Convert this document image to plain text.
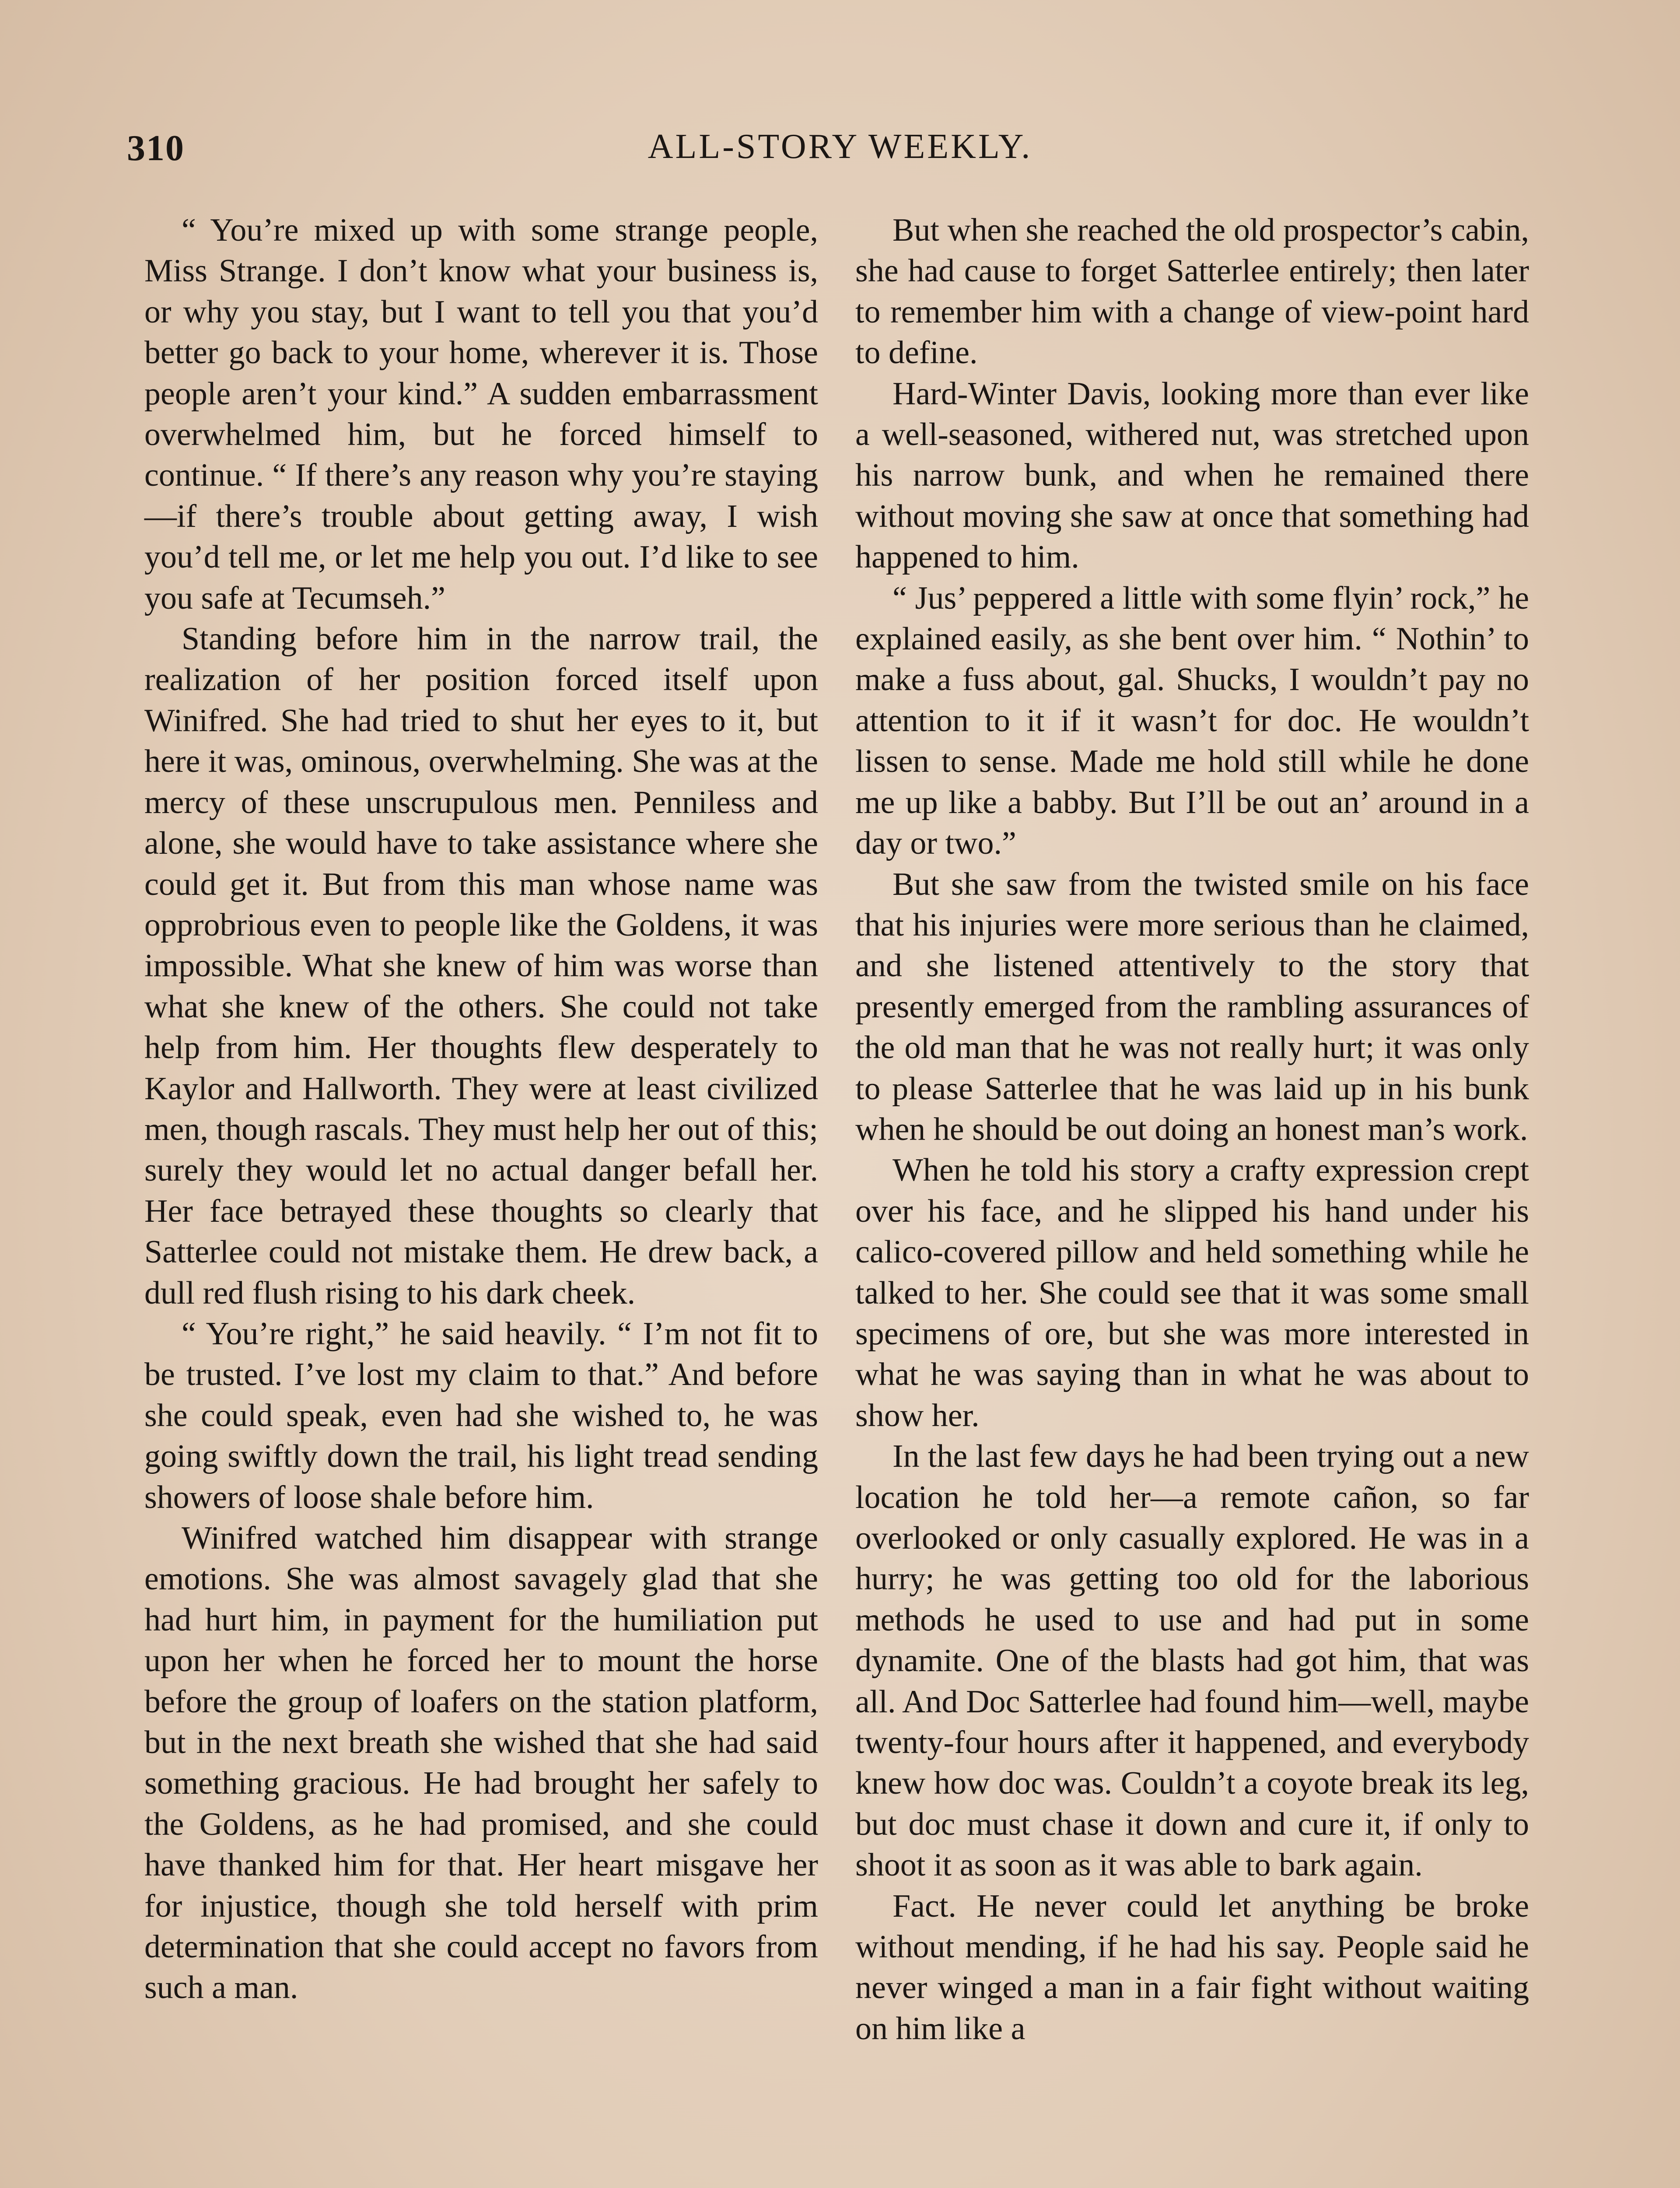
310	ALL-STORY WEEKLY.

“ You’re mixed up with some strange people, Miss Strange. I don’t know what your business is, or why you stay, but I want to tell you that you’d better go back to your home, wherever it is. Those people aren’t your kind.” A sudden embarrassment overwhelmed him, but he forced himself to continue. “ If there’s any reason why you’re staying—if there’s trouble about getting away, I wish you’d tell me, or let me help you out. I’d like to see you safe at Tecumseh.”

Standing before him in the narrow trail, the realization of her position forced itself upon Winifred. She had tried to shut her eyes to it, but here it was, ominous, overwhelming. She was at the mercy of these unscrupulous men. Penniless and alone, she would have to take assistance where she could get it. But from this man whose name was opprobrious even to people like the Goldens, it was impossible. What she knew of him was worse than what she knew of the others. She could not take help from him. Her thoughts flew desperately to Kaylor and Hallworth. They were at least civilized men, though rascals. They must help her out of this; surely they would let no actual danger befall her. Her face betrayed these thoughts so clearly that Satterlee could not mistake them. He drew back, a dull red flush rising to his dark cheek.

“ You’re right,” he said heavily. “ I’m not fit to be trusted. I’ve lost my claim to that.” And before she could speak, even had she wished to, he was going swiftly down the trail, his light tread sending showers of loose shale before him.

Winifred watched him disappear with strange emotions. She was almost savagely glad that she had hurt him, in payment for the humiliation put upon her when he forced her to mount the horse before the group of loafers on the station platform, but in the next breath she wished that she had said something gracious. He had brought her safely to the Goldens, as he had promised, and she could have thanked him for that. Her heart misgave her for injustice, though she told herself with prim determination that she could accept no favors from such a man.

But when she reached the old prospector’s cabin, she had cause to forget Satterlee entirely; then later to remember him with a change of view-point hard to define.

Hard-Winter Davis, looking more than ever like a well-seasoned, withered nut, was stretched upon his narrow bunk, and when he remained there without moving she saw at once that something had happened to him.

“ Jus’ peppered a little with some flyin’ rock,” he explained easily, as she bent over him. “ Nothin’ to make a fuss about, gal. Shucks, I wouldn’t pay no attention to it if it wasn’t for doc. He wouldn’t lissen to sense. Made me hold still while he done me up like a babby. But I’ll be out an’ around in a day or two.”

But she saw from the twisted smile on his face that his injuries were more serious than he claimed, and she listened attentively to the story that presently emerged from the rambling assurances of the old man that he was not really hurt; it was only to please Satterlee that he was laid up in his bunk when he should be out doing an honest man’s work.

When he told his story a crafty expression crept over his face, and he slipped his hand under his calico-covered pillow and held something while he talked to her. She could see that it was some small specimens of ore, but she was more interested in what he was saying than in what he was about to show her.

In the last few days he had been trying out a new location he told her—a remote cañon, so far overlooked or only casually explored. He was in a hurry; he was getting too old for the laborious methods he used to use and had put in some dynamite. One of the blasts had got him, that was all. And Doc Satterlee had found him—well, maybe twenty-four hours after it happened, and everybody knew how doc was. Couldn’t a coyote break its leg, but doc must chase it down and cure it, if only to shoot it as soon as it was able to bark again.

Fact. He never could let anything be broke without mending, if he had his say. People said he never winged a man in a fair fight without waiting on him like a
